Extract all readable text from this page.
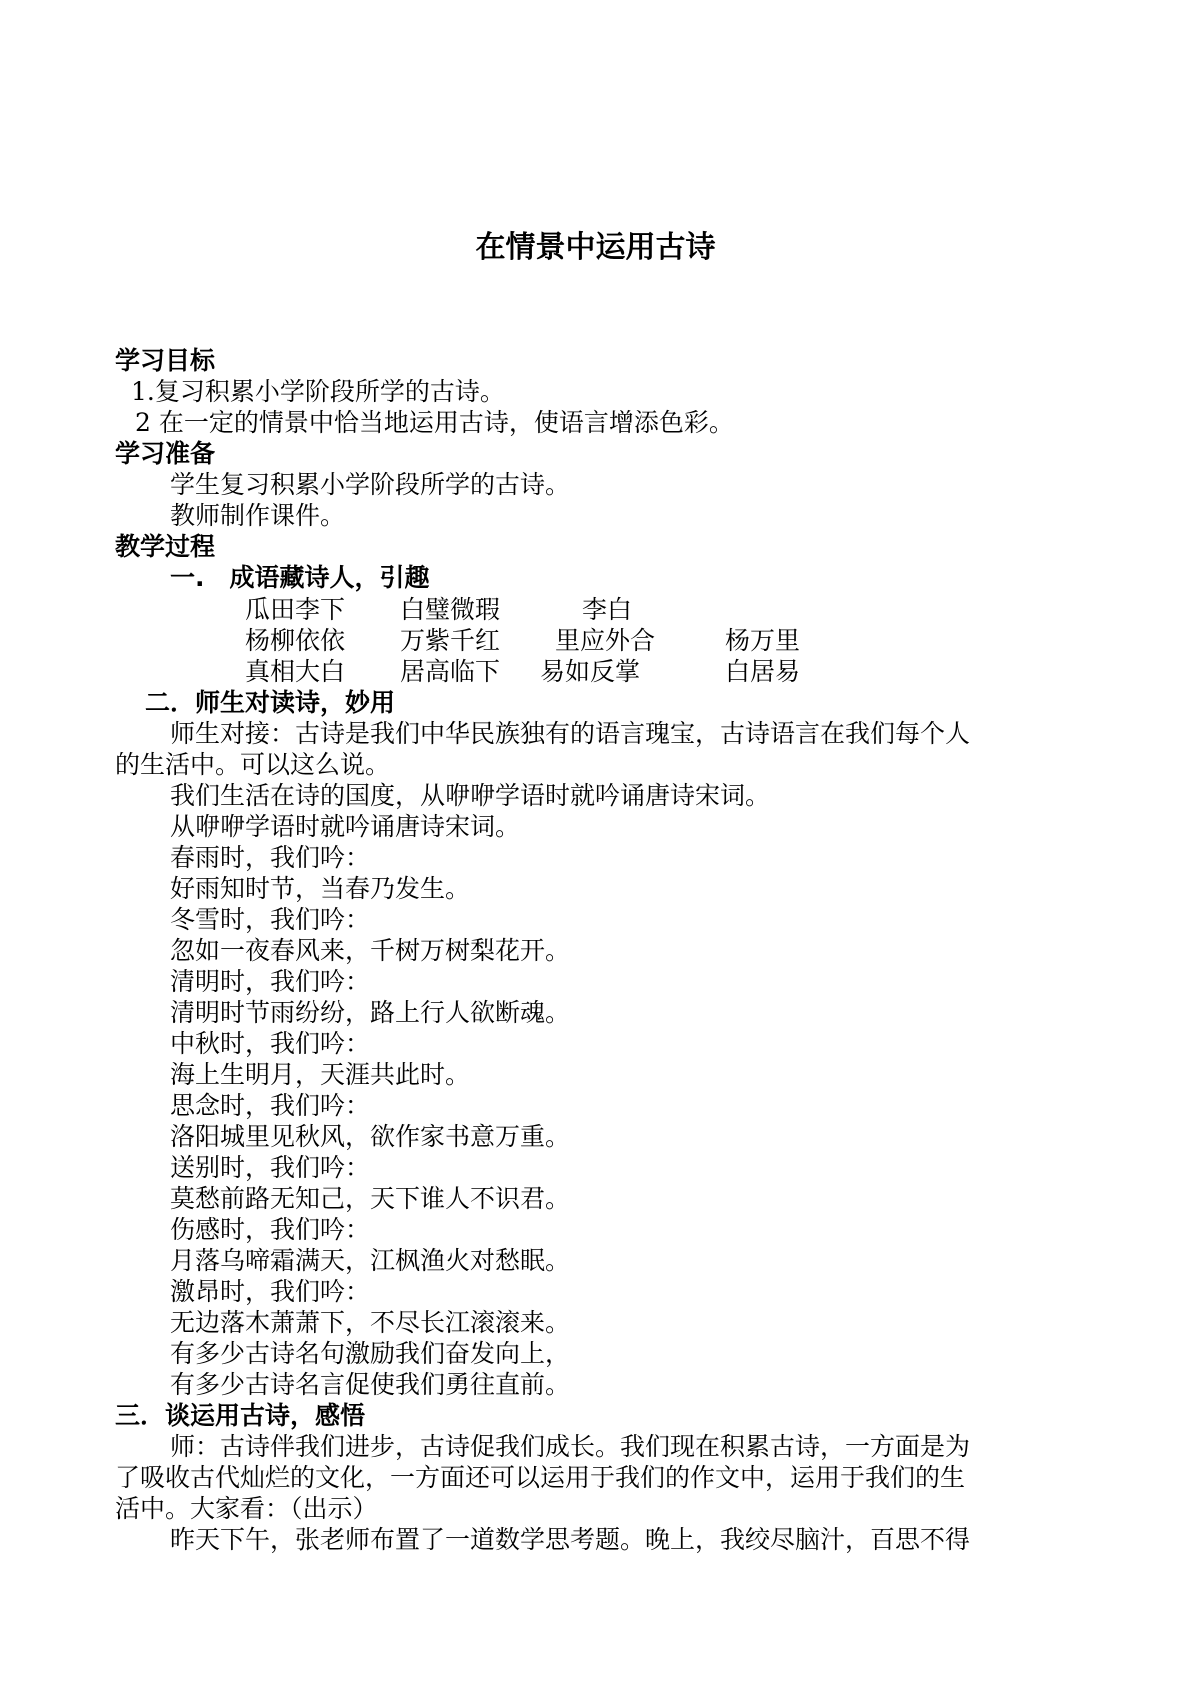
在情景中运用古诗
学习目标
1.复习积累小学阶段所学的古诗。
2 在一定的情景中恰当地运用古诗，使语言增添色彩。
学习准备
学生复习积累小学阶段所学的古诗。
教师制作课件。
教学过程
一.　成语藏诗人，引趣
瓜田李下 白璧微瑕	李白
杨柳依依 万紫千红 里应外合	杨万里
真相大白 居高临下 易如反掌	白居易
二．师生对读诗，妙用
师生对接：古诗是我们中华民族独有的语言瑰宝，古诗语言在我们每个人
的生活中。可以这么说。
我们生活在诗的国度，从咿咿学语时就吟诵唐诗宋词。
从咿咿学语时就吟诵唐诗宋词。
春雨时，我们吟：
好雨知时节，当春乃发生。
冬雪时，我们吟：
忽如一夜春风来，千树万树梨花开。
清明时，我们吟：
清明时节雨纷纷，路上行人欲断魂。
中秋时，我们吟：
海上生明月，天涯共此时。
思念时，我们吟：
洛阳城里见秋风，欲作家书意万重。
送别时，我们吟：
莫愁前路无知己，天下谁人不识君。
伤感时，我们吟：
月落乌啼霜满天，江枫渔火对愁眠。
激昂时，我们吟：
无边落木萧萧下，不尽长江滚滚来。
有多少古诗名句激励我们奋发向上，
有多少古诗名言促使我们勇往直前。
三．谈运用古诗，感悟
师：古诗伴我们进步，古诗促我们成长。我们现在积累古诗，一方面是为
了吸收古代灿烂的文化，一方面还可以运用于我们的作文中，运用于我们的生
活中。大家看：（出示）
昨天下午，张老师布置了一道数学思考题。晚上，我绞尽脑汁，百思不得
